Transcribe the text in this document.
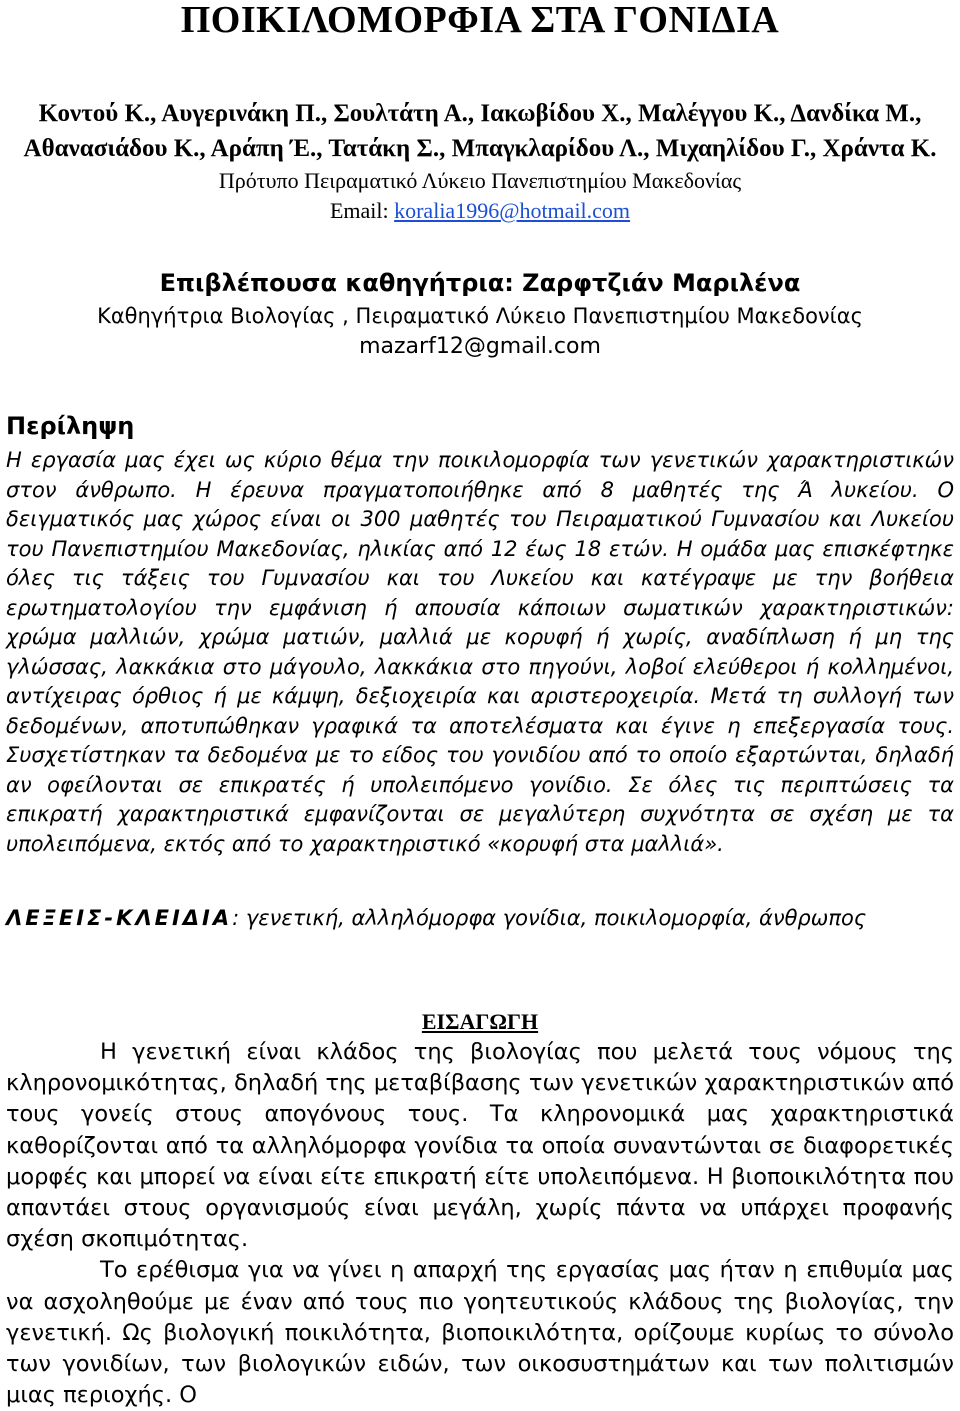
ΠΟΙΚΙΛΟΜΟΡΦΙΑ ΣΤΑ ΓΟΝΙΔΙΑ

Κοντού Κ., Αυγερινάκη Π., Σουλτάτη Α., Ιακωβίδου Χ., Μαλέγγου Κ., Δανδίκα Μ., Αθανασιάδου Κ., Αράπη Έ., Τατάκη Σ., Μπαγκλαρίδου Λ., Μιχαηλίδου Γ., Χράντα Κ.

Πρότυπο Πειραματικό Λύκειο Πανεπιστημίου Μακεδονίας

Email: koralia1996@hotmail.com

Επιβλέπουσα καθηγήτρια: Ζαρφτζιάν Μαριλένα

Καθηγήτρια Βιολογίας , Πειραματικό Λύκειο Πανεπιστημίου Μακεδονίας

mazarf12@gmail.com

Περίληψη

Η εργασία μας έχει ως κύριο θέμα την ποικιλομορφία των γενετικών χαρακτηριστικών στον άνθρωπο. Η έρευνα πραγματοποιήθηκε από 8 μαθητές της Ά λυκείου. Ο δειγματικός μας χώρος είναι οι 300 μαθητές του Πειραματικού Γυμνασίου και Λυκείου του Πανεπιστημίου Μακεδονίας, ηλικίας από 12 έως 18 ετών. Η ομάδα μας επισκέφτηκε όλες τις τάξεις του Γυμνασίου και του Λυκείου και κατέγραψε με την βοήθεια ερωτηματολογίου την εμφάνιση ή απουσία κάποιων σωματικών χαρακτηριστικών: χρώμα μαλλιών, χρώμα ματιών, μαλλιά με κορυφή ή χωρίς, αναδίπλωση ή μη της γλώσσας, λακκάκια στο μάγουλο, λακκάκια στο πηγούνι, λοβοί ελεύθεροι ή κολλημένοι, αντίχειρας όρθιος ή με κάμψη, δεξιοχειρία και αριστεροχειρία. Μετά τη συλλογή των δεδομένων, αποτυπώθηκαν γραφικά τα αποτελέσματα και έγινε η επεξεργασία τους. Συσχετίστηκαν τα δεδομένα με το είδος του γονιδίου από το οποίο εξαρτώνται, δηλαδή αν οφείλονται σε επικρατές ή υπολειπόμενο γονίδιο. Σε όλες τις περιπτώσεις τα επικρατή χαρακτηριστικά εμφανίζονται σε μεγαλύτερη συχνότητα σε σχέση με τα υπολειπόμενα, εκτός από το χαρακτηριστικό «κορυφή στα μαλλιά».

ΛΕΞΕΙΣ-ΚΛΕΙΔΙΑ: γενετική, αλληλόμορφα γονίδια, ποικιλομορφία, άνθρωπος

ΕΙΣΑΓΩΓΗ

Η γενετική είναι κλάδος της βιολογίας που μελετά τους νόμους της κληρονομικότητας, δηλαδή της μεταβίβασης των γενετικών χαρακτηριστικών από τους γονείς στους απογόνους τους. Τα κληρονομικά μας χαρακτηριστικά καθορίζονται από τα αλληλόμορφα γονίδια τα οποία συναντώνται σε διαφορετικές μορφές και μπορεί να είναι είτε επικρατή είτε υπολειπόμενα. Η βιοποικιλότητα που απαντάει στους οργανισμούς είναι μεγάλη, χωρίς πάντα να υπάρχει προφανής σχέση σκοπιμότητας.

Το ερέθισμα για να γίνει η απαρχή της εργασίας μας ήταν η επιθυμία μας να ασχοληθούμε με έναν από τους πιο γοητευτικούς κλάδους της βιολογίας, την γενετική. Ως βιολογική ποικιλότητα, βιοποικιλότητα, ορίζουμε κυρίως το σύνολο των γονιδίων, των βιολογικών ειδών, των οικοσυστημάτων και των πολιτισμών μιας περιοχής. Ο
